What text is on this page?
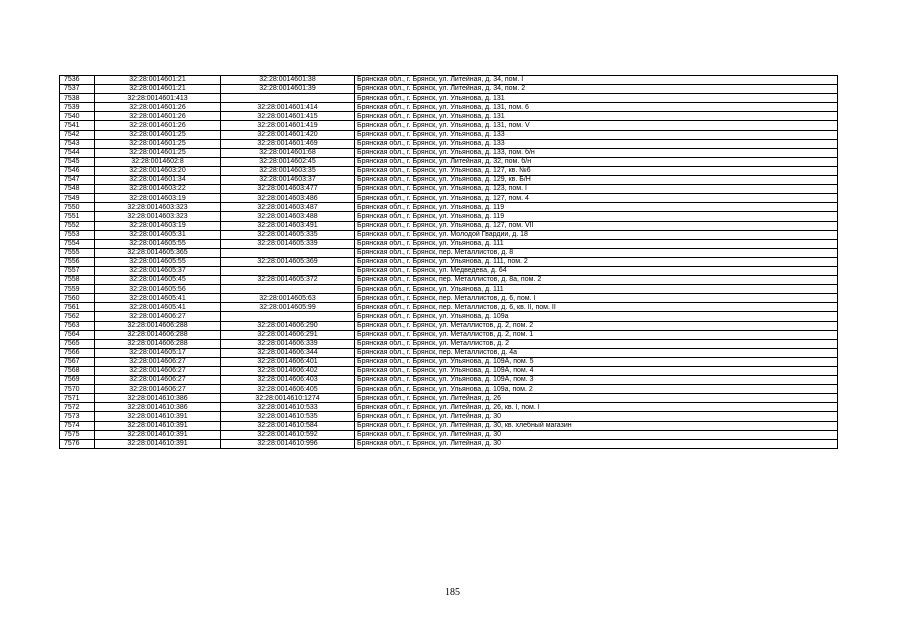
7536	32:28:0014601:21	32:28:0014601:38	Брянская обл., г. Брянск, ул. Литейная, д. 34, пом. I
7537	32:28:0014601:21	32:28:0014601:39	Брянская обл., г. Брянск, ул. Литейная, д. 34, пом. 2
7538	32:28:0014601:413		Брянская обл., г. Брянск, ул. Ульянова, д. 131
7539	32:28:0014601:26	32:28:0014601:414	Брянская обл., г. Брянск, ул. Ульянова, д. 131, пом. 6
7540	32:28:0014601:26	32:28:0014601:415	Брянская обл., г. Брянск, ул. Ульянова, д. 131
7541	32:28:0014601:26	32:28:0014601:419	Брянская обл., г. Брянск, ул. Ульянова, д. 131, пом. V
7542	32:28:0014601:25	32:28:0014601:420	Брянская обл., г. Брянск, ул. Ульянова, д. 133
7543	32:28:0014601:25	32:28:0014601:469	Брянская обл., г. Брянск, ул. Ульянова, д. 133
7544	32:28:0014601:25	32:28:0014601:68	Брянская обл., г. Брянск, ул. Ульянова, д. 133, пом. б/н
7545	32:28:0014602:8	32:28:0014602:45	Брянская обл., г. Брянск, ул. Литейная, д. 32, пом. б/н
7546	32:28:0014603:20	32:28:0014603:35	Брянская обл., г. Брянск, ул. Ульянова, д. 127, кв. №6
7547	32:28:0014601:34	32:28:0014603:37	Брянская обл., г. Брянск, ул. Ульянова, д. 129, кв. Б/Н
7548	32:28:0014603:22	32:28:0014603:477	Брянская обл., г. Брянск, ул. Ульянова, д. 123, пом. I
7549	32:28:0014603:19	32:28:0014603:486	Брянская обл., г. Брянск, ул. Ульянова, д. 127, пом. 4
7550	32:28:0014603:323	32:28:0014603:487	Брянская обл., г. Брянск, ул. Ульянова, д. 119
7551	32:28:0014603:323	32:28:0014603:488	Брянская обл., г. Брянск, ул. Ульянова, д. 119
7552	32:28:0014603:19	32:28:0014603:491	Брянская обл., г. Брянск, ул. Ульянова, д. 127, пом. VII
7553	32:28:0014605:31	32:28:0014605:335	Брянская обл., г. Брянск, ул. Молодой Гвардии, д. 18
7554	32:28:0014605:55	32:28:0014605:339	Брянская обл., г. Брянск, ул. Ульянова, д. 111
7555	32:28:0014605:365		Брянская обл., г. Брянск, пер. Металлистов, д. 8
7556	32:28:0014605:55	32:28:0014605:369	Брянская обл., г. Брянск, ул. Ульянова, д. 111, пом. 2
7557	32:28:0014605:37		Брянская обл., г. Брянск, ул. Медведева, д. 64
7558	32:28:0014605:45	32:28:0014605:372	Брянская обл., г. Брянск, пер. Металлистов, д. 8а, пом. 2
7559	32:28:0014605:56		Брянская обл., г. Брянск, ул. Ульянова, д. 111
7560	32:28:0014605:41	32:28:0014605:63	Брянская обл., г. Брянск, пер. Металлистов, д. 6, пом. I
7561	32:28:0014605:41	32:28:0014605:99	Брянская обл., г. Брянск, пер. Металлистов, д. 6, кв. II, пом. II
7562	32:28:0014606:27		Брянская обл., г. Брянск, ул. Ульянова, д. 109а
7563	32:28:0014606:288	32:28:0014606:290	Брянская обл., г. Брянск, ул. Металлистов, д. 2, пом. 2
7564	32:28:0014606:288	32:28:0014606:291	Брянская обл., г. Брянск, ул. Металлистов, д. 2, пом. 1
7565	32:28:0014606:288	32:28:0014606:339	Брянская обл., г. Брянск, ул. Металлистов, д. 2
7566	32:28:0014605:17	32:28:0014606:344	Брянская обл., г. Брянск, пер. Металлистов, д. 4а
7567	32:28:0014606:27	32:28:0014606:401	Брянская обл., г. Брянск, ул. Ульянова, д. 109А, пом. 5
7568	32:28:0014606:27	32:28:0014606:402	Брянская обл., г. Брянск, ул. Ульянова, д. 109А, пом. 4
7569	32:28:0014606:27	32:28:0014606:403	Брянская обл., г. Брянск, ул. Ульянова, д. 109А, пом. 3
7570	32:28:0014606:27	32:28:0014606:405	Брянская обл., г. Брянск, ул. Ульянова, д. 109а, пом. 2
7571	32:28:0014610:386	32:28:0014610:1274	Брянская обл., г. Брянск, ул. Литейная, д. 26
7572	32:28:0014610:386	32:28:0014610:533	Брянская обл., г. Брянск, ул. Литейная, д. 26, кв. I, пом. I
7573	32:28:0014610:391	32:28:0014610:535	Брянская обл., г. Брянск, ул. Литейная, д. 30
7574	32:28:0014610:391	32:28:0014610:584	Брянская обл., г. Брянск, ул. Литейная, д. 30, кв. хлебный магазин
7575	32:28:0014610:391	32:28:0014610:592	Брянская обл., г. Брянск, ул. Литейная, д. 30
7576	32:28:0014610:391	32:28:0014610:996	Брянская обл., г. Брянск, ул. Литейная, д. 30
185
